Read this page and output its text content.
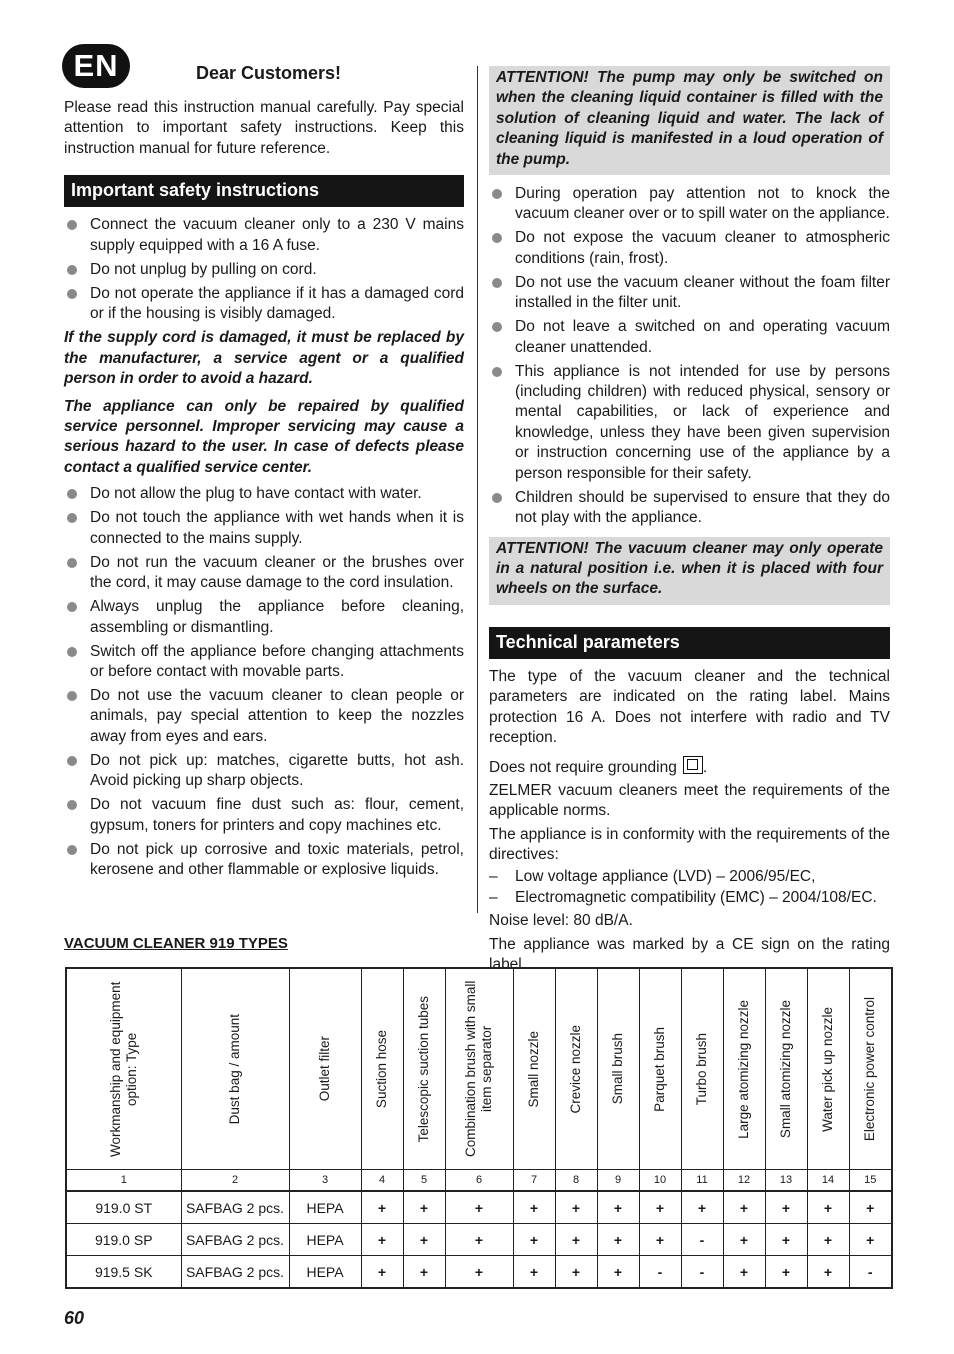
EN	Dear Customers!

Please read this instruction manual carefully. Pay special attention to important safety instructions. Keep this instruction manual for future reference.

Important safety instructions
Connect the vacuum cleaner only to a 230 V mains supply equipped with a 16 A fuse.
Do not unplug by pulling on cord.
Do not operate the appliance if it has a damaged cord or if the housing is visibly damaged.

If the supply cord is damaged, it must be replaced by the manufacturer, a service agent or a qualified person in order to avoid a hazard.

The appliance can only be repaired by qualified service personnel. Improper servicing may cause a serious hazard to the user. In case of defects please contact a qualified service center.

Do not allow the plug to have contact with water.
Do not touch the appliance with wet hands when it is connected to the mains supply.
Do not run the vacuum cleaner or the brushes over the cord, it may cause damage to the cord insulation.
Always unplug the appliance before cleaning, assembling or dismantling.
Switch off the appliance before changing attachments or before contact with movable parts.
Do not use the vacuum cleaner to clean people or animals, pay special attention to keep the nozzles away from eyes and ears.
Do not pick up: matches, cigarette butts, hot ash. Avoid picking up sharp objects.
Do not vacuum fine dust such as: flour, cement, gypsum, toners for printers and copy machines etc.
Do not pick up corrosive and toxic materials, petrol, kerosene and other flammable or explosive liquids.
ATTENTION! The pump may only be switched on when the cleaning liquid container is filled with the solution of cleaning liquid and water. The lack of cleaning liquid is manifested in a loud operation of the pump.
During operation pay attention not to knock the vacuum cleaner over or to spill water on the appliance.
Do not expose the vacuum cleaner to atmospheric conditions (rain, frost).
Do not use the vacuum cleaner without the foam filter installed in the filter unit.
Do not leave a switched on and operating vacuum cleaner unattended.
This appliance is not intended for use by persons (including children) with reduced physical, sensory or mental capabilities, or lack of experience and knowledge, unless they have been given supervision or instruction concerning use of the appliance by a person responsible for their safety.
Children should be supervised to ensure that they do not play with the appliance.
ATTENTION! The vacuum cleaner may only operate in a natural position i.e. when it is placed with four wheels on the surface.
Technical parameters

The type of the vacuum cleaner and the technical parameters are indicated on the rating label. Mains protection 16 A. Does not interfere with radio and TV reception.

Does not require grounding .

ZELMER vacuum cleaners meet the requirements of the applicable norms.

The appliance is in conformity with the requirements of the directives:

– Low voltage appliance (LVD) – 2006/95/EC,
– Electromagnetic compatibility (EMC) – 2004/108/EC.

Noise level: 80 dB/A.

The appliance was marked by a CE sign on the rating label.

VACUUM CLEANER 919 TYPES
Workmanship and equipment option: Type	Dust bag / amount	Outlet filter	Suction hose	Telescopic suction tubes	Combination brush with small item separator	Small nozzle	Crevice nozzle	Small brush	Parquet brush	Turbo brush	Large atomizing nozzle	Small atomizing nozzle	Water pick up nozzle	Electronic power control

1	2	3	4	5	6	7	8	9	10	11	12	13	14	15
919.0 ST	SAFBAG 2 pcs.	HEPA	+	+	+	+	+	+	+	+	+	+	+	+
919.0 SP	SAFBAG 2 pcs.	HEPA	+	+	+	+	+	+	+	-	+	+	+	+
919.5 SK	SAFBAG 2 pcs.	HEPA	+	+	+	+	+	+	-	-	+	+	+	-
60
